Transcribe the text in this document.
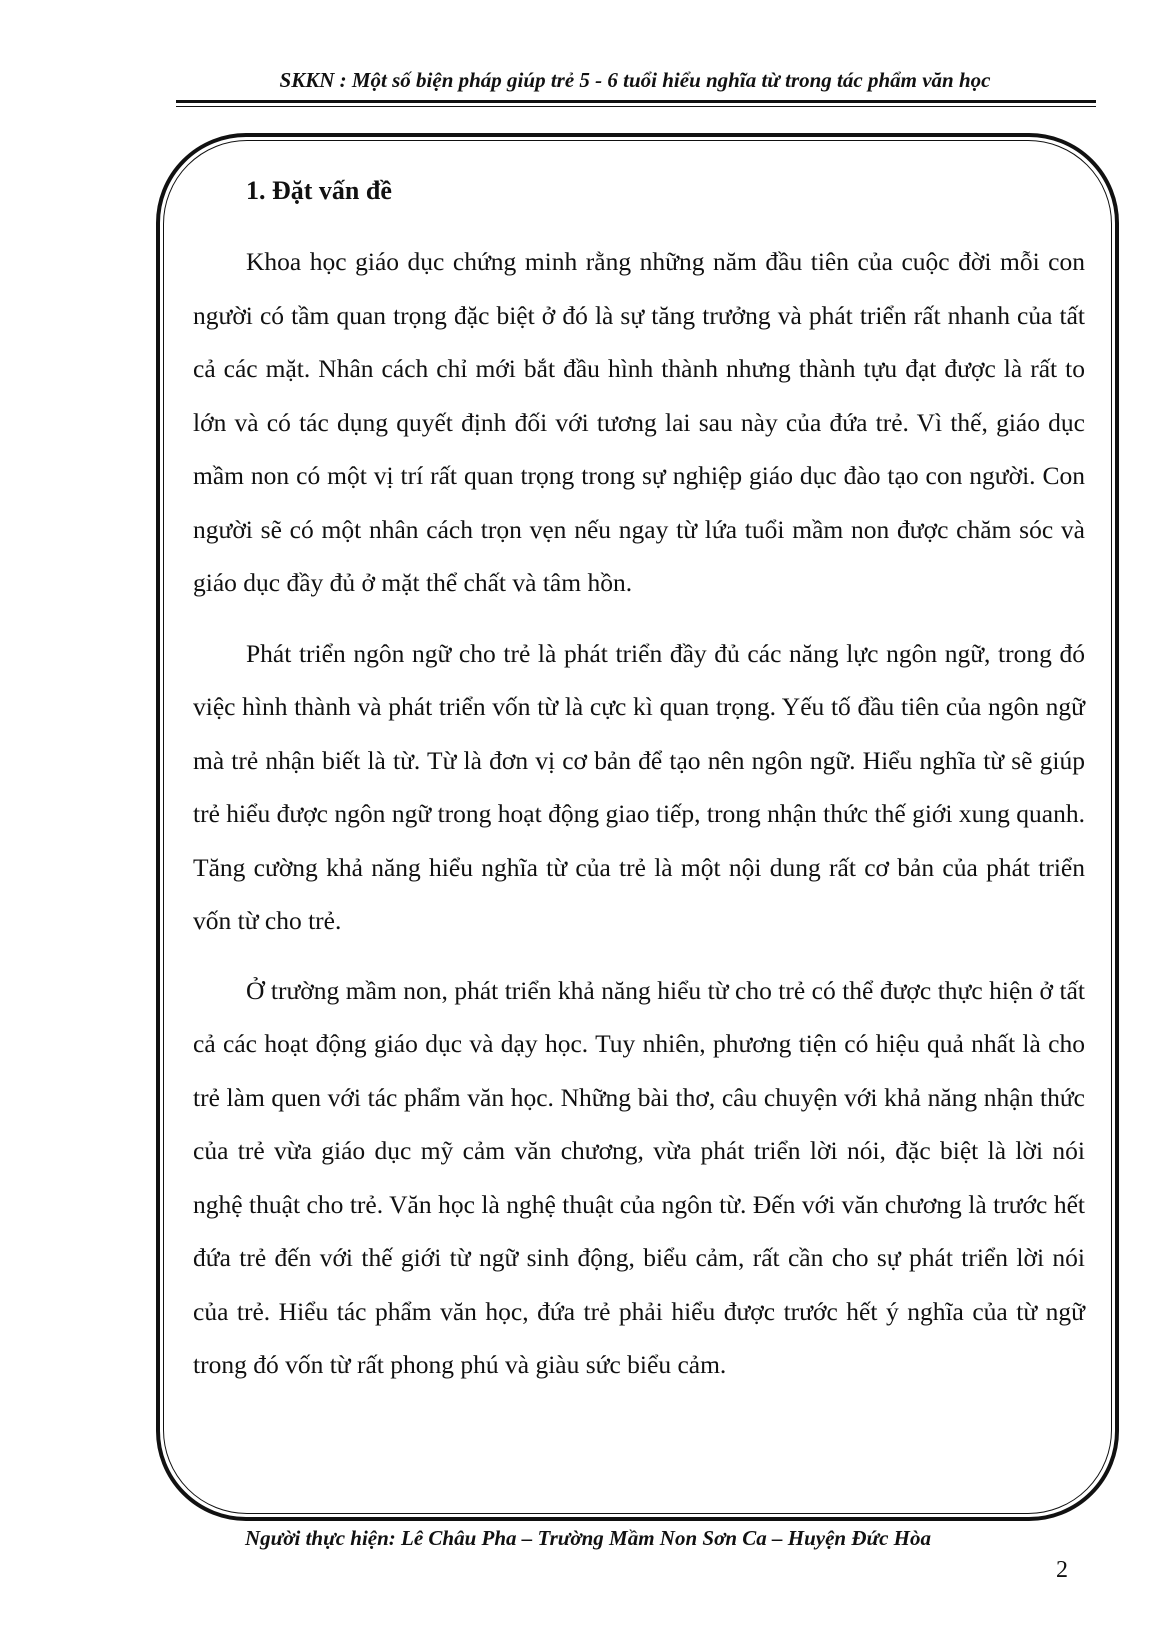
SKKN : Một số biện pháp giúp trẻ 5 - 6 tuổi hiểu nghĩa từ trong tác phẩm văn học
1. Đặt vấn đề

Khoa học giáo dục chứng minh rằng những năm đầu tiên của cuộc đời mỗi con người có tầm quan trọng đặc biệt ở đó là sự tăng trưởng và phát triển rất nhanh của tất cả các mặt. Nhân cách chỉ mới bắt đầu hình thành nhưng thành tựu đạt được là rất to lớn và có tác dụng quyết định đối với tương lai sau này của đứa trẻ. Vì thế, giáo dục mầm non có một vị trí rất quan trọng trong sự nghiệp giáo dục đào tạo con người. Con người sẽ có một nhân cách trọn vẹn nếu ngay từ lứa tuổi mầm non được chăm sóc và giáo dục đầy đủ ở mặt thể chất và tâm hồn.

Phát triển ngôn ngữ cho trẻ là phát triển đầy đủ các năng lực ngôn ngữ, trong đó việc hình thành và phát triển vốn từ là cực kì quan trọng. Yếu tố đầu tiên của ngôn ngữ mà trẻ nhận biết là từ. Từ là đơn vị cơ bản để tạo nên ngôn ngữ. Hiểu nghĩa từ sẽ giúp trẻ hiểu được ngôn ngữ trong hoạt động giao tiếp, trong nhận thức thế giới xung quanh. Tăng cường khả năng hiểu nghĩa từ của trẻ là một nội dung rất cơ bản của phát triển vốn từ cho trẻ.

Ở trường mầm non, phát triển khả năng hiểu từ cho trẻ có thể được thực hiện ở tất cả các hoạt động giáo dục và dạy học. Tuy nhiên, phương tiện có hiệu quả nhất là cho trẻ làm quen với tác phẩm văn học. Những bài thơ, câu chuyện với khả năng nhận thức của trẻ vừa giáo dục mỹ cảm văn chương, vừa phát triển lời nói, đặc biệt là lời nói nghệ thuật cho trẻ. Văn học là nghệ thuật của ngôn từ. Đến với văn chương là trước hết đứa trẻ đến với thế giới từ ngữ sinh động, biểu cảm, rất cần cho sự phát triển lời nói của trẻ. Hiểu tác phẩm văn học, đứa trẻ phải hiểu được trước hết ý nghĩa của từ ngữ trong đó vốn từ rất phong phú và giàu sức biểu cảm.

Người thực hiện: Lê Châu Pha – Trường Mầm Non Sơn Ca – Huyện Đức Hòa
2
